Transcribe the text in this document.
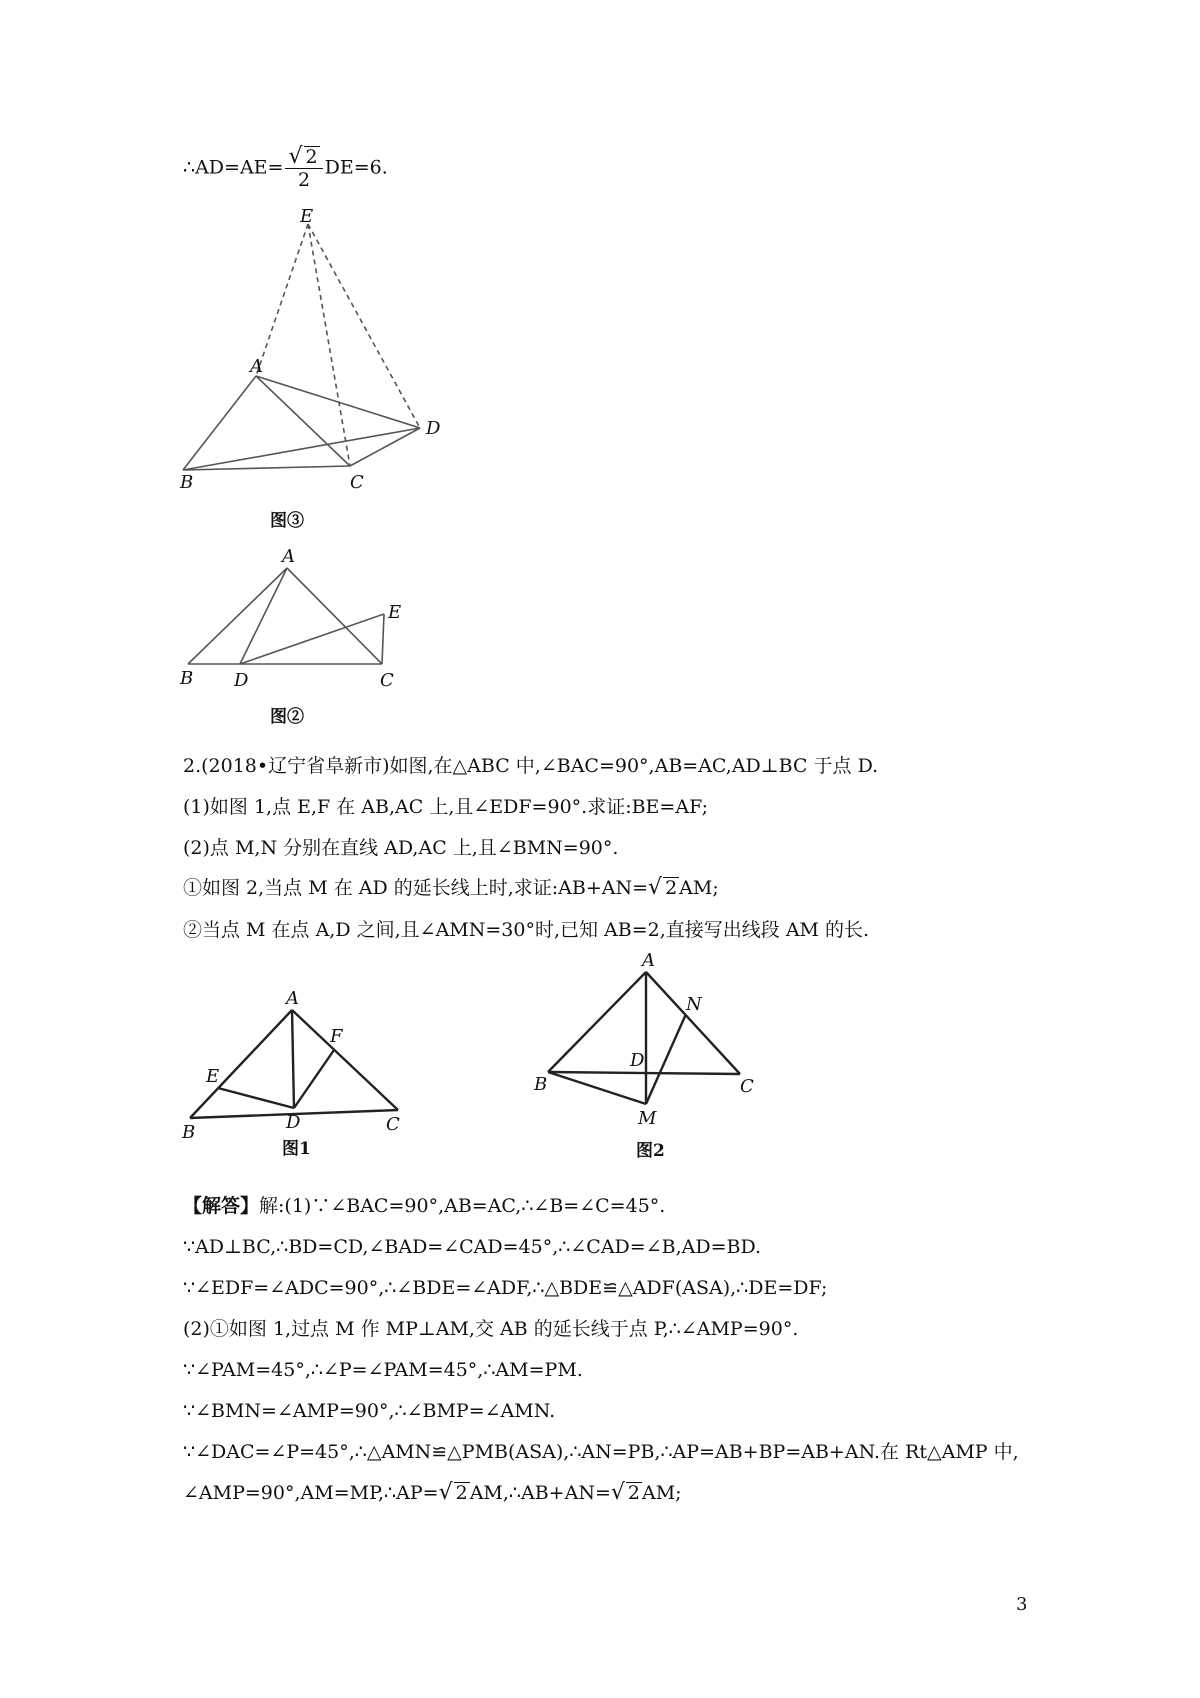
∴AD=AE= $\frac{√ 2}{2} DE=6$.
E
A
D
B	C
图③
A
E
B D	C
图②
A
F
E
B	D	C
图1
A
N
D
B	C
M
图2
2.(2018•辽宁省阜新市)如图,在△ABC 中,∠BAC=90°,AB=AC,AD⊥BC 于点 D.
(1)如图 1,点 E,F 在 AB,AC 上,且∠EDF=90°.求证:BE=AF;
(2)点 M,N 分别在直线 AD,AC 上,且∠BMN=90°.
①如图 2,当点 M 在 AD 的延长线上时,求证:AB+AN=√ 2 AM;
②当点 M 在点 A,D 之间,且∠AMN=30°时,已知 AB=2,直接写出线段 AM 的长.
【解答】解:(1)∵∠BAC=90°,AB=AC,∴∠B=∠C=45°.
∵AD⊥BC,∴BD=CD,∠BAD=∠CAD=45°,∴∠CAD=∠B,AD=BD.
∵∠EDF=∠ADC=90°,∴∠BDE=∠ADF,∴△BDE≌△ADF(ASA),∴DE=DF;
(2)①如图 1,过点 M 作 MP⊥AM,交 AB 的延长线于点 P,∴∠AMP=90°.
∵∠PAM=45°,∴∠P=∠PAM=45°,∴AM=PM.
∵∠BMN=∠AMP=90°,∴∠BMP=∠AMN.
∵∠DAC=∠P=45°,∴△AMN≌△PMB(ASA),∴AN=PB,∴AP=AB+BP=AB+AN.在 Rt△AMP 中,
∠AMP=90°,AM=MP,∴AP=√ 2 AM,∴AB+AN=√ 2 AM;
3
